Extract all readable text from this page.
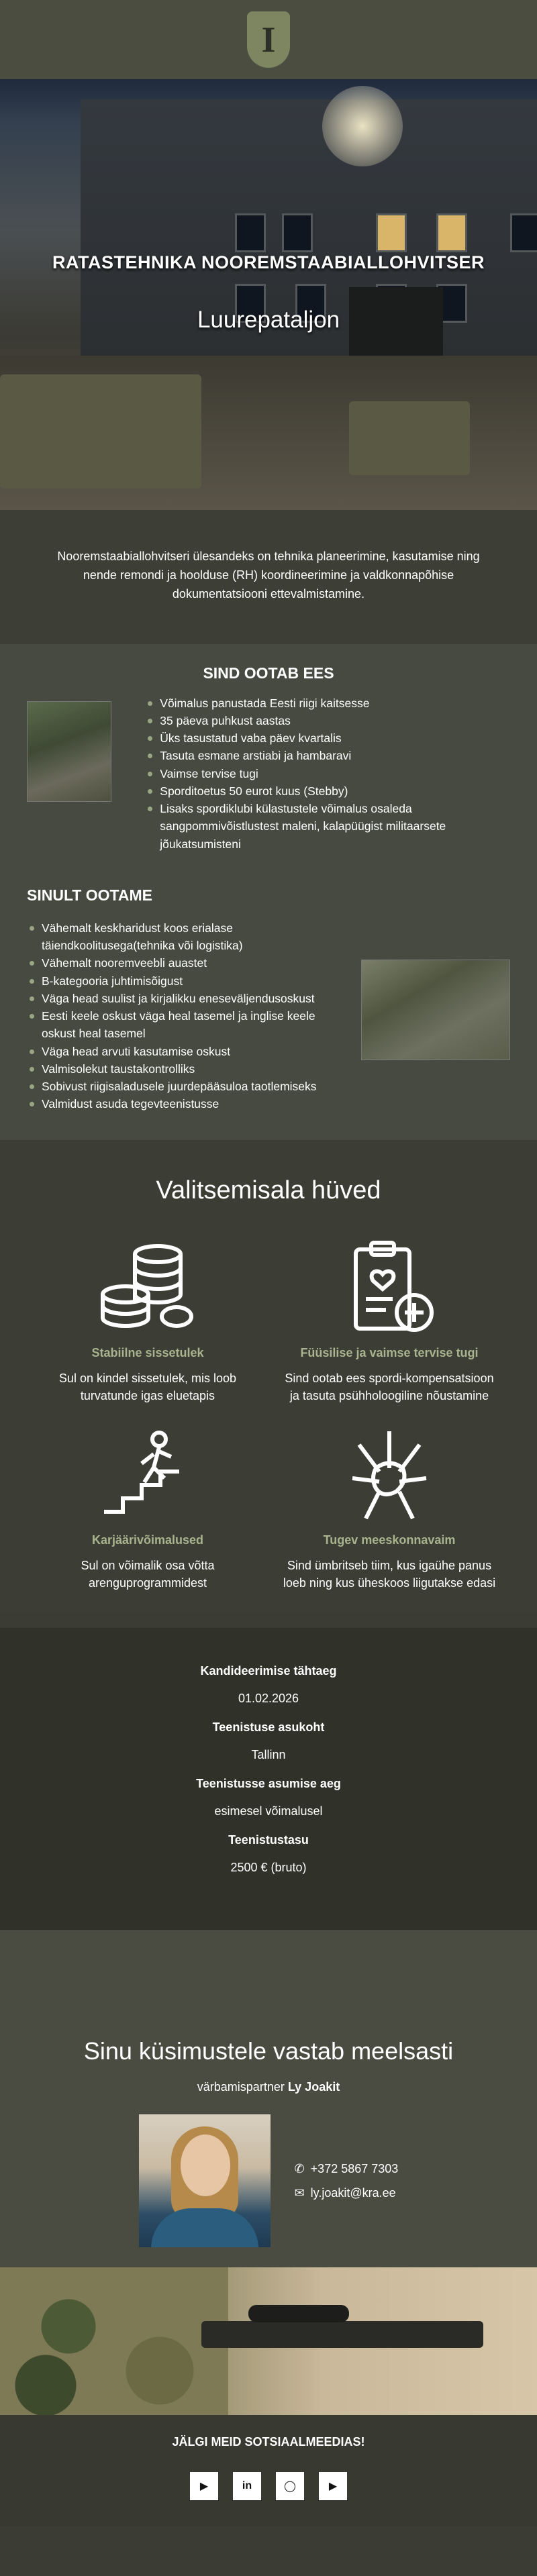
I
RATASTEHNIKA NOOREMSTAABIALLOHVITSER
Luurepataljon

Nooremstaabiallohvitseri ülesandeks on tehnika planeerimine, kasutamise ning nende remondi ja hoolduse (RH) koordineerimine ja valdkonnapõhise dokumentatsiooni ettevalmistamine.

SIND OOTAB EES
Võimalus panustada Eesti riigi kaitsesse
35 päeva puhkust aastas
Üks tasustatud vaba päev kvartalis
Tasuta esmane arstiabi ja hambaravi
Vaimse tervise tugi
Sporditoetus 50 eurot kuus (Stebby)
Lisaks spordiklubi külastustele võimalus osaleda sangpommivõistlustest maleni, kalapüügist militaarsete jõukatsumisteni
SINULT OOTAME
Vähemalt keskharidust koos erialase täiendkoolitusega(tehnika või logistika)
Vähemalt nooremveebli auastet
B-kategooria juhtimisõigust
Väga head suulist ja kirjalikku eneseväljendusoskust
Eesti keele oskust väga heal tasemel ja inglise keele oskust heal tasemel
Väga head arvuti kasutamise oskust
Valmisolekut taustakontrolliks
Sobivust riigisaladusele juurdepääsuloa taotlemiseks
Valmidust asuda tegevteenistusse
Valitsemisala hüved
Stabiilne sissetulek
Sul on kindel sissetulek, mis loob turvatunde igas eluetapis
Füüsilise ja vaimse tervise tugi
Sind ootab ees spordi-kompensatsioon ja tasuta psühholoogiline nõustamine
Karjäärivõimalused
Sul on võimalik osa võtta arenguprogrammidest
Tugev meeskonnavaim
Sind ümbritseb tiim, kus igaühe panus loeb ning kus üheskoos liigutakse edasi
Kandideerimise tähtaeg
01.02.2026
Teenistuse asukoht
Tallinn
Teenistusse asumise aeg
esimesel võimalusel
Teenistustasu
2500 € (bruto)
Sinu küsimustele vastab meelsasti
värbamispartner Ly Joakit
✆ +372 5867 7303
✉ ly.joakit@kra.ee
JÄLGI MEID SOTSIAALMEEDIAS!
▶	in	◯	▶
